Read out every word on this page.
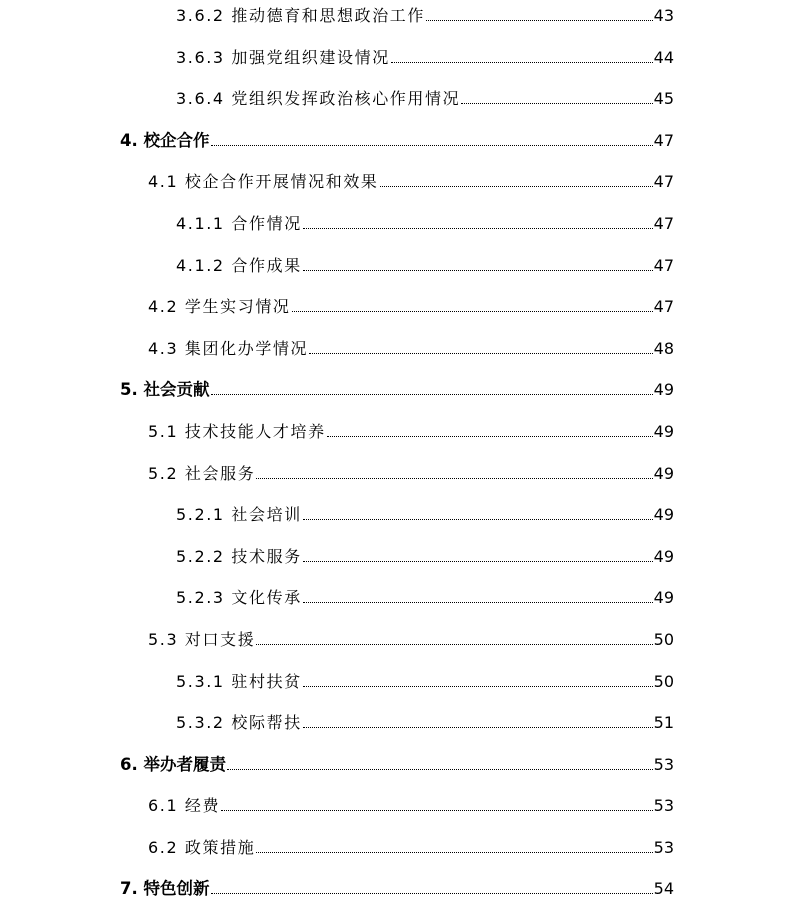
3.6.2 推动德育和思想政治工作	43
3.6.3 加强党组织建设情况	44
3.6.4 党组织发挥政治核心作用情况	45
4. 校企合作	47
4.1 校企合作开展情况和效果	47
4.1.1 合作情况	47
4.1.2 合作成果	47
4.2 学生实习情况	47
4.3 集团化办学情况	48
5. 社会贡献	49
5.1 技术技能人才培养	49
5.2 社会服务	49
5.2.1 社会培训	49
5.2.2 技术服务	49
5.2.3 文化传承	49
5.3 对口支援	50
5.3.1 驻村扶贫	50
5.3.2 校际帮扶	51
6. 举办者履责	53
6.1 经费	53
6.2 政策措施	53
7. 特色创新	54
